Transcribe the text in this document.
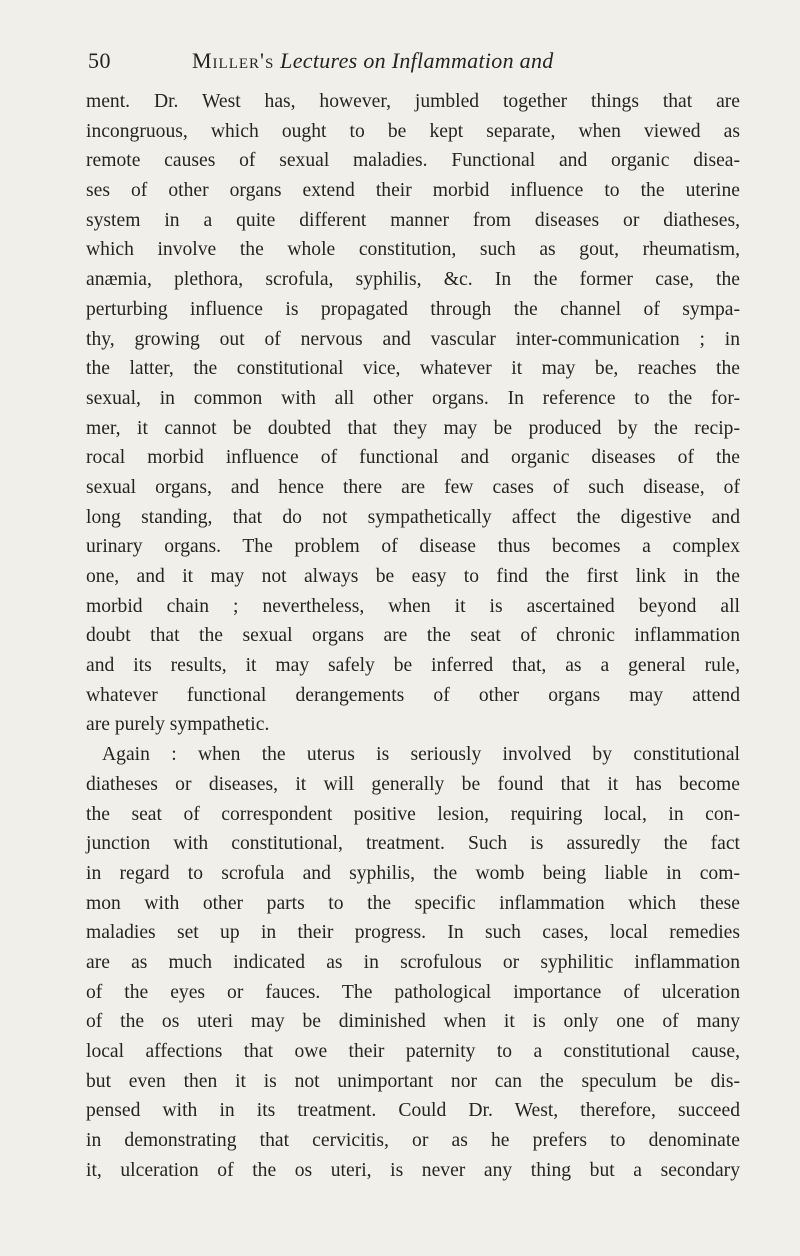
50	Miller's Lectures on Inflammation and
ment. Dr. West has, however, jumbled together things that are
incongruous, which ought to be kept separate, when viewed as
remote causes of sexual maladies. Functional and organic disea-
ses of other organs extend their morbid influence to the uterine
system in a quite different manner from diseases or diatheses,
which involve the whole constitution, such as gout, rheumatism,
anæmia, plethora, scrofula, syphilis, &c. In the former case, the
perturbing influence is propagated through the channel of sympa-
thy, growing out of nervous and vascular inter-communication ; in
the latter, the constitutional vice, whatever it may be, reaches the
sexual, in common with all other organs. In reference to the for-
mer, it cannot be doubted that they may be produced by the recip-
rocal morbid influence of functional and organic diseases of the
sexual organs, and hence there are few cases of such disease, of
long standing, that do not sympathetically affect the digestive and
urinary organs. The problem of disease thus becomes a complex
one, and it may not always be easy to find the first link in the
morbid chain ; nevertheless, when it is ascertained beyond all
doubt that the sexual organs are the seat of chronic inflammation
and its results, it may safely be inferred that, as a general rule,
whatever functional derangements of other organs may attend
are purely sympathetic.
Again : when the uterus is seriously involved by constitutional
diatheses or diseases, it will generally be found that it has become
the seat of correspondent positive lesion, requiring local, in con-
junction with constitutional, treatment. Such is assuredly the fact
in regard to scrofula and syphilis, the womb being liable in com-
mon with other parts to the specific inflammation which these
maladies set up in their progress. In such cases, local remedies
are as much indicated as in scrofulous or syphilitic inflammation
of the eyes or fauces. The pathological importance of ulceration
of the os uteri may be diminished when it is only one of many
local affections that owe their paternity to a constitutional cause,
but even then it is not unimportant nor can the speculum be dis-
pensed with in its treatment. Could Dr. West, therefore, succeed
in demonstrating that cervicitis, or as he prefers to denominate
it, ulceration of the os uteri, is never any thing but a secondary
